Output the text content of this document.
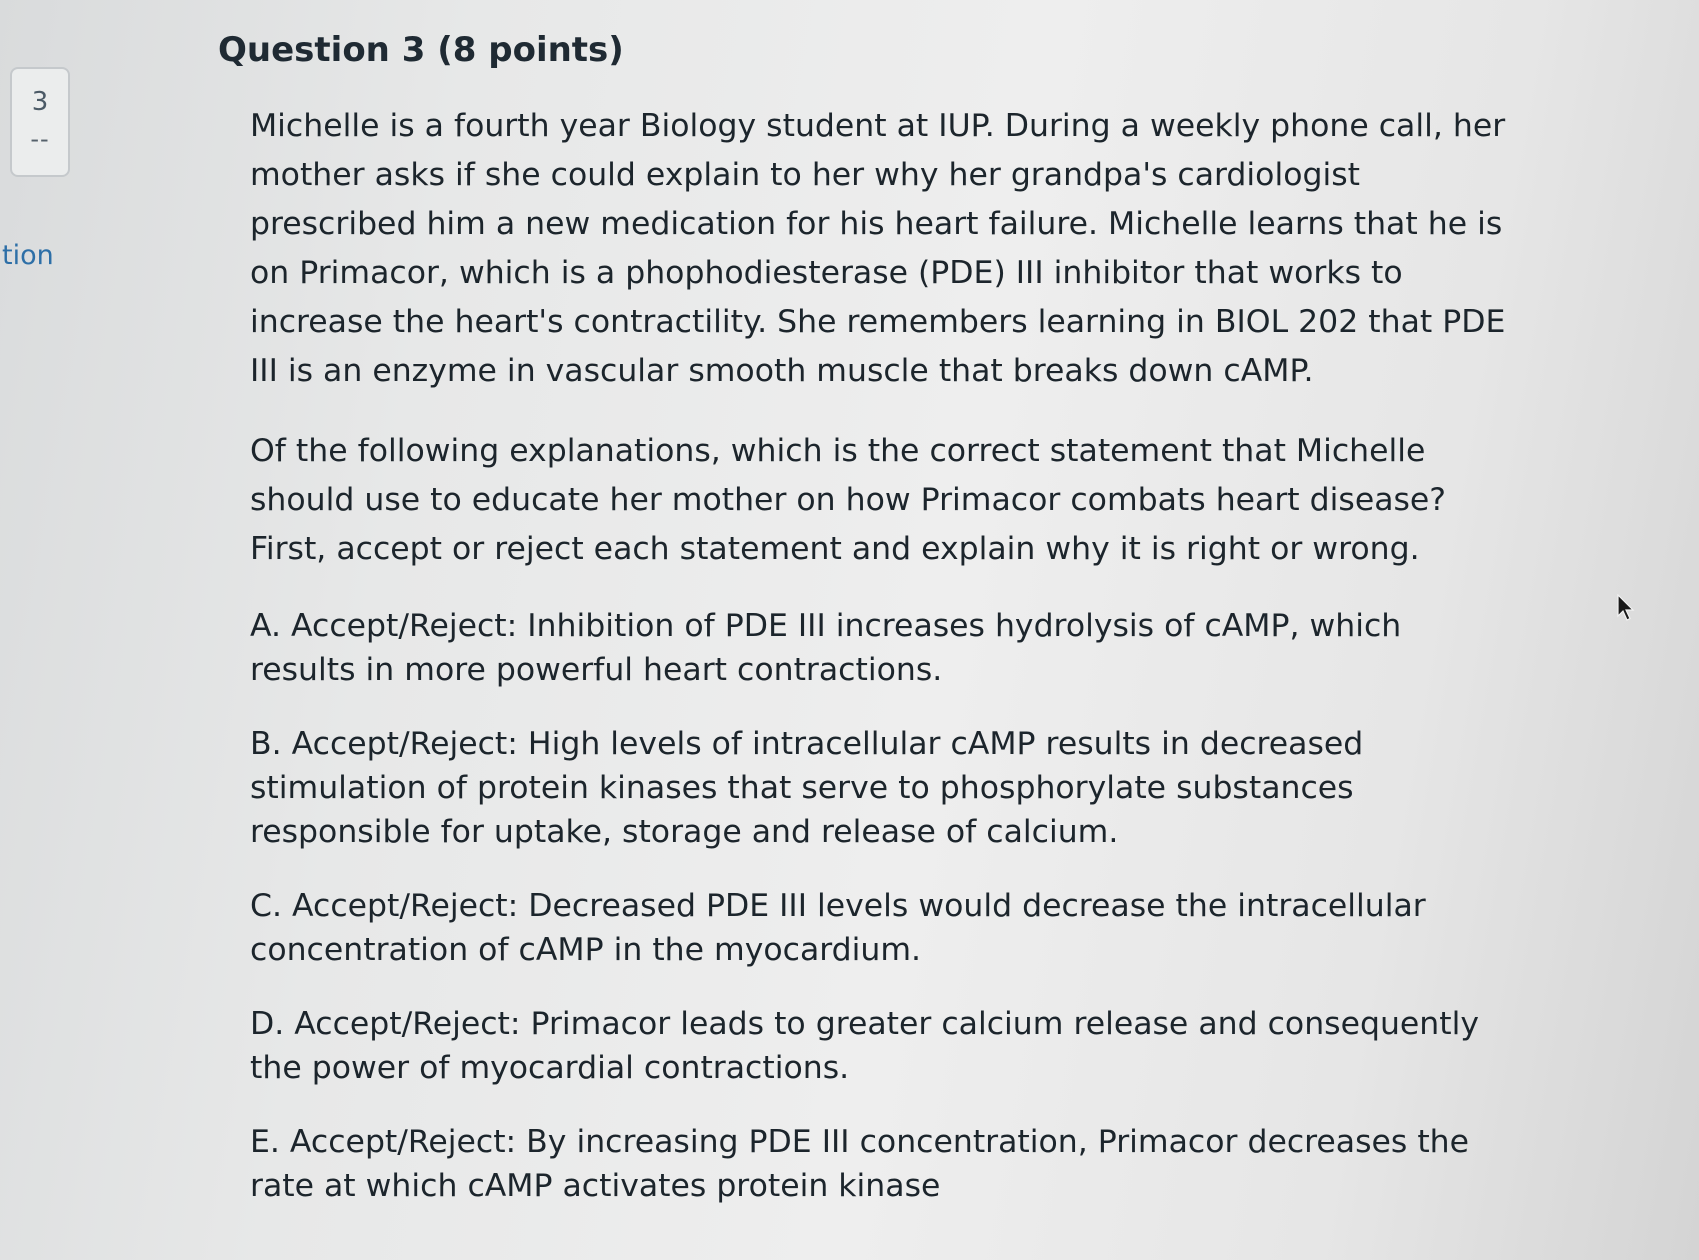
3
--
tion
Question 3 (8 points)

Michelle is a fourth year Biology student at IUP. During a weekly phone call, her mother asks if she could explain to her why her grandpa's cardiologist prescribed him a new medication for his heart failure. Michelle learns that he is on Primacor, which is a phophodiesterase (PDE) III inhibitor that works to increase the heart's contractility. She remembers learning in BIOL 202 that PDE III is an enzyme in vascular smooth muscle that breaks down cAMP.

Of the following explanations, which is the correct statement that Michelle should use to educate her mother on how Primacor combats heart disease? First, accept or reject each statement and explain why it is right or wrong.

A. Accept/Reject: Inhibition of PDE III increases hydrolysis of cAMP, which results in more powerful heart contractions.

B. Accept/Reject: High levels of intracellular cAMP results in decreased stimulation of protein kinases that serve to phosphorylate substances responsible for uptake, storage and release of calcium.

C. Accept/Reject: Decreased PDE III levels would decrease the intracellular concentration of cAMP in the myocardium.

D. Accept/Reject: Primacor leads to greater calcium release and consequently the power of myocardial contractions.

E. Accept/Reject: By increasing PDE III concentration, Primacor decreases the rate at which cAMP activates protein kinase
